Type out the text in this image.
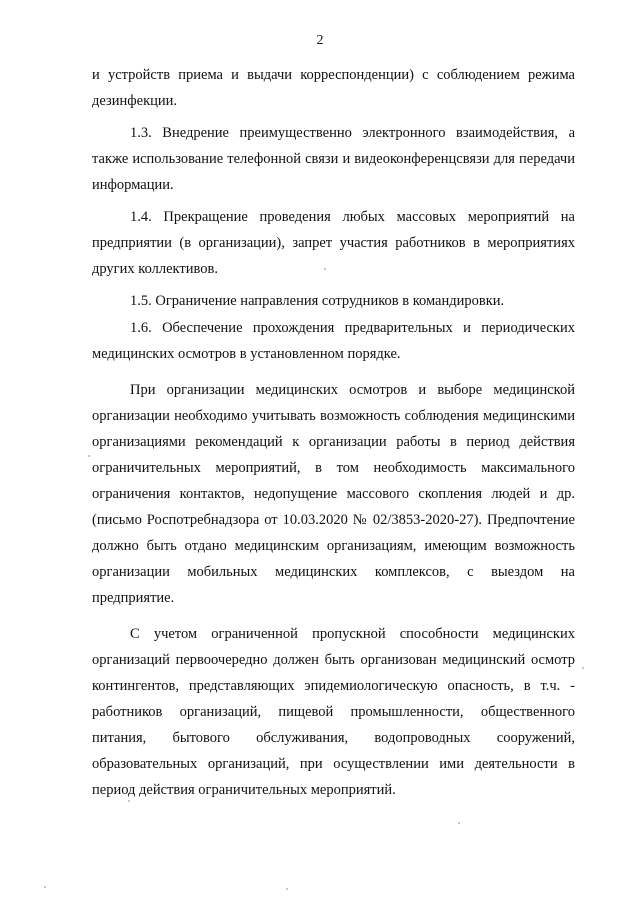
2

и устройств приема и выдачи корреспонденции) с соблюдением режима дезинфекции.

1.3. Внедрение преимущественно электронного взаимодействия, а также использование телефонной связи и видеоконференцсвязи для передачи информации.

1.4. Прекращение проведения любых массовых мероприятий на предприятии (в организации), запрет участия работников в мероприятиях других коллективов.

1.5. Ограничение направления сотрудников в командировки.

1.6. Обеспечение прохождения предварительных и периодических медицинских осмотров в установленном порядке.

При организации медицинских осмотров и выборе медицинской организации необходимо учитывать возможность соблюдения медицинскими организациями рекомендаций к организации работы в период действия ограничительных мероприятий, в том необходимость максимального ограничения контактов, недопущение массового скопления людей и др. (письмо Роспотребнадзора от 10.03.2020 № 02/3853-2020-27). Предпочтение должно быть отдано медицинским организациям, имеющим возможность организации мобильных медицинских комплексов, с выездом на предприятие.

С учетом ограниченной пропускной способности медицинских организаций первоочередно должен быть организован медицинский осмотр контингентов, представляющих эпидемиологическую опасность, в т.ч. - работников организаций, пищевой промышленности, общественного питания, бытового обслуживания, водопроводных сооружений, образовательных организаций, при осуществлении ими деятельности в период действия ограничительных мероприятий.
